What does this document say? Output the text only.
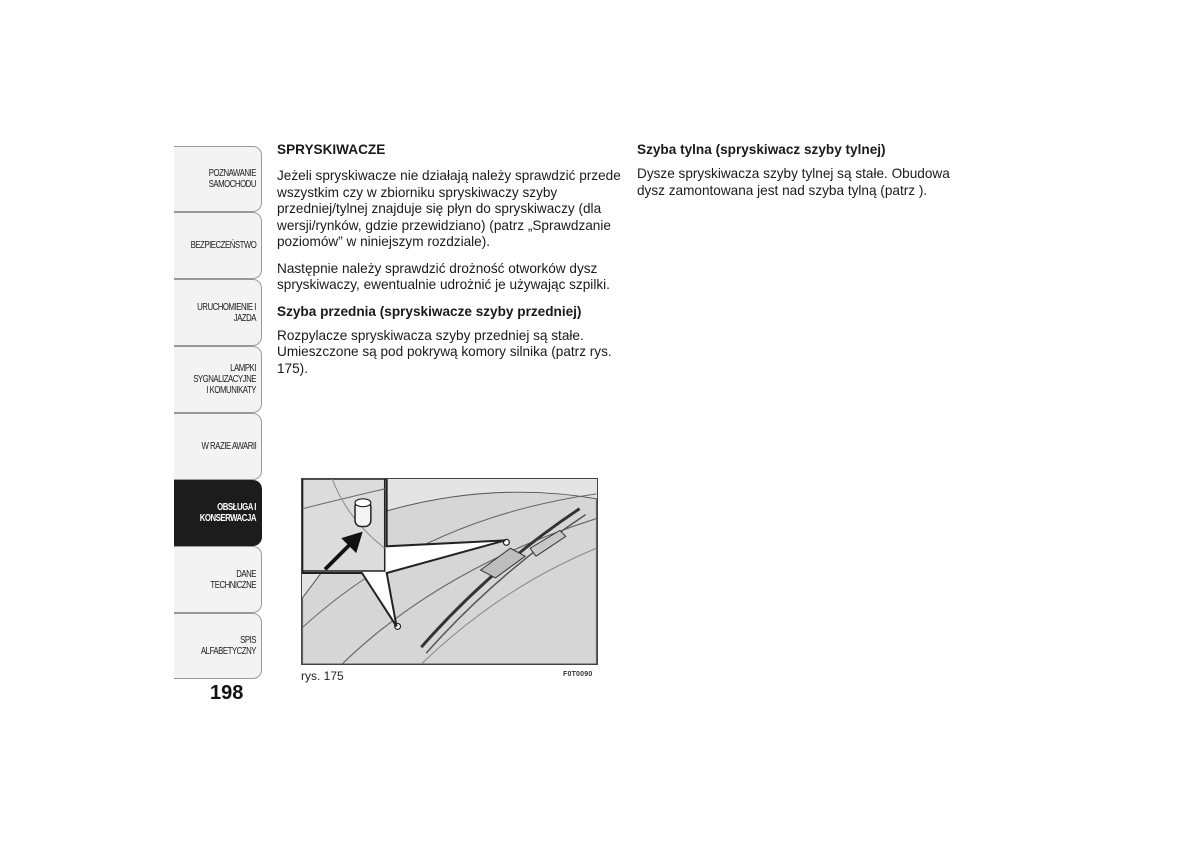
POZNAWANIE SAMOCHODU
BEZPIECZEŃSTWO
URUCHOMIENIE I JAZDA
LAMPKI SYGNALIZACYJNE I KOMUNIKATY
W RAZIE AWARII
OBSŁUGA I KONSERWACJA
DANE TECHNICZNE
SPIS ALFABETYCZNY
198
SPRYSKIWACZE

Jeżeli spryskiwacze nie działają należy sprawdzić przede wszystkim czy w zbiorniku spryskiwaczy szyby przedniej/tylnej znajduje się płyn do spryskiwaczy (dla wersji/rynków, gdzie przewidziano) (patrz „Sprawdzanie poziomów” w niniejszym rozdziale).

Następnie należy sprawdzić drożność otworków dysz spryskiwaczy, ewentualnie udrożnić je używając szpilki.

Szyba przednia (spryskiwacze szyby przedniej)

Rozpylacze spryskiwacza szyby przedniej są stałe. Umieszczone są pod pokrywą komory silnika (patrz rys. 175).

Szyba tylna (spryskiwacz szyby tylnej)

Dysze spryskiwacza szyby tylnej są stałe. Obudowa dysz zamontowana jest nad szyba tylną (patrz ).

rys. 175	F0T0090
